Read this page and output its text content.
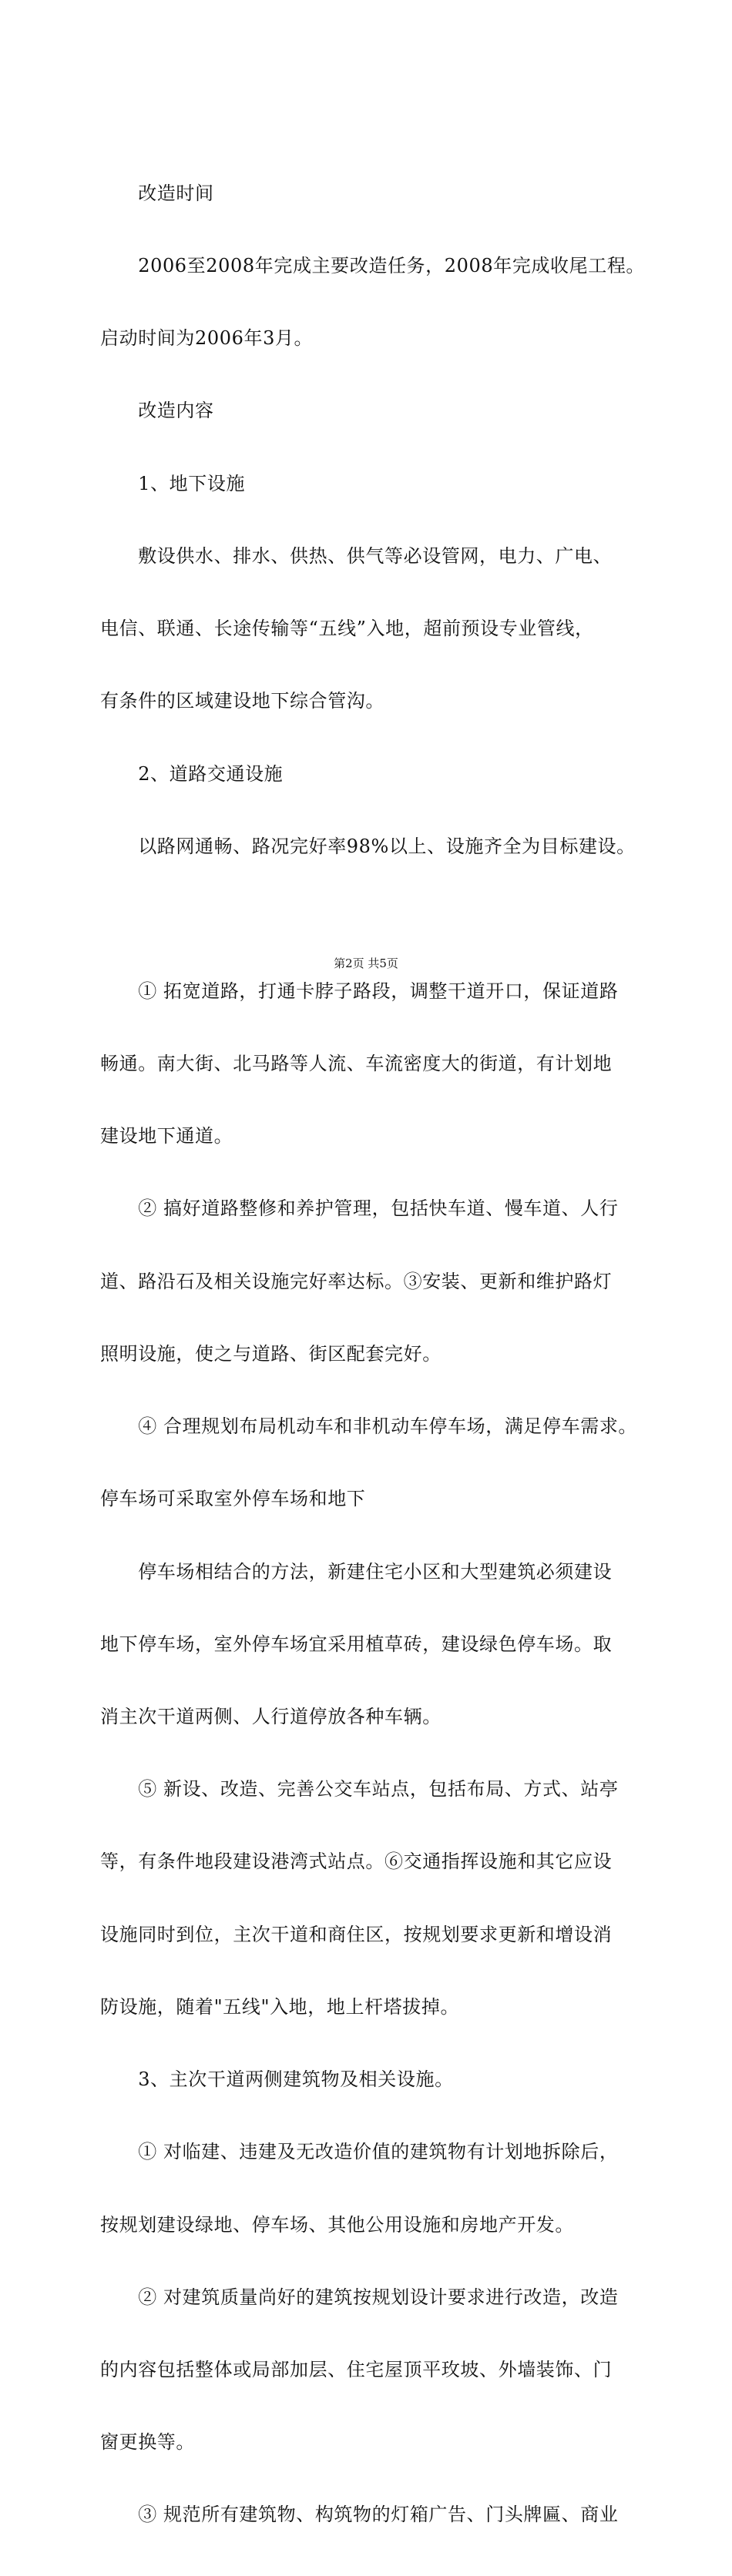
　　改造时间

　　2006至2008年完成主要改造任务，2008年完成收尾工程。

启动时间为2006年3月。

　　改造内容

　　1、地下设施

　　敷设供水、排水、供热、供气等必设管网，电力、广电、

电信、联通、长途传输等“五线”入地，超前预设专业管线，

有条件的区域建设地下综合管沟。

　　2、道路交通设施

　　以路网通畅、路况完好率98%以上、设施齐全为目标建设。

　　① 拓宽道路，打通卡脖子路段，调整干道开口，保证道路

畅通。南大街、北马路等人流、车流密度大的街道，有计划地

建设地下通道。

　　② 搞好道路整修和养护管理，包括快车道、慢车道、人行

道、路沿石及相关设施完好率达标。③安装、更新和维护路灯

照明设施，使之与道路、街区配套完好。

　　④ 合理规划布局机动车和非机动车停车场，满足停车需求。

停车场可采取室外停车场和地下

　　停车场相结合的方法，新建住宅小区和大型建筑必须建设

地下停车场，室外停车场宜采用植草砖，建设绿色停车场。取

消主次干道两侧、人行道停放各种车辆。

　　⑤ 新设、改造、完善公交车站点，包括布局、方式、站亭

等，有条件地段建设港湾式站点。⑥交通指挥设施和其它应设

设施同时到位，主次干道和商住区，按规划要求更新和增设消

防设施，随着"五线"入地，地上杆塔拔掉。

　　3、主次干道两侧建筑物及相关设施。

　　① 对临建、违建及无改造价值的建筑物有计划地拆除后，

按规划建设绿地、停车场、其他公用设施和房地产开发。

　　② 对建筑质量尚好的建筑按规划设计要求进行改造，改造

的内容包括整体或局部加层、住宅屋顶平玫坡、外墙装饰、门

窗更换等。

　　③ 规范所有建筑物、构筑物的灯箱广告、门头牌匾、商业

第2页 共5页
